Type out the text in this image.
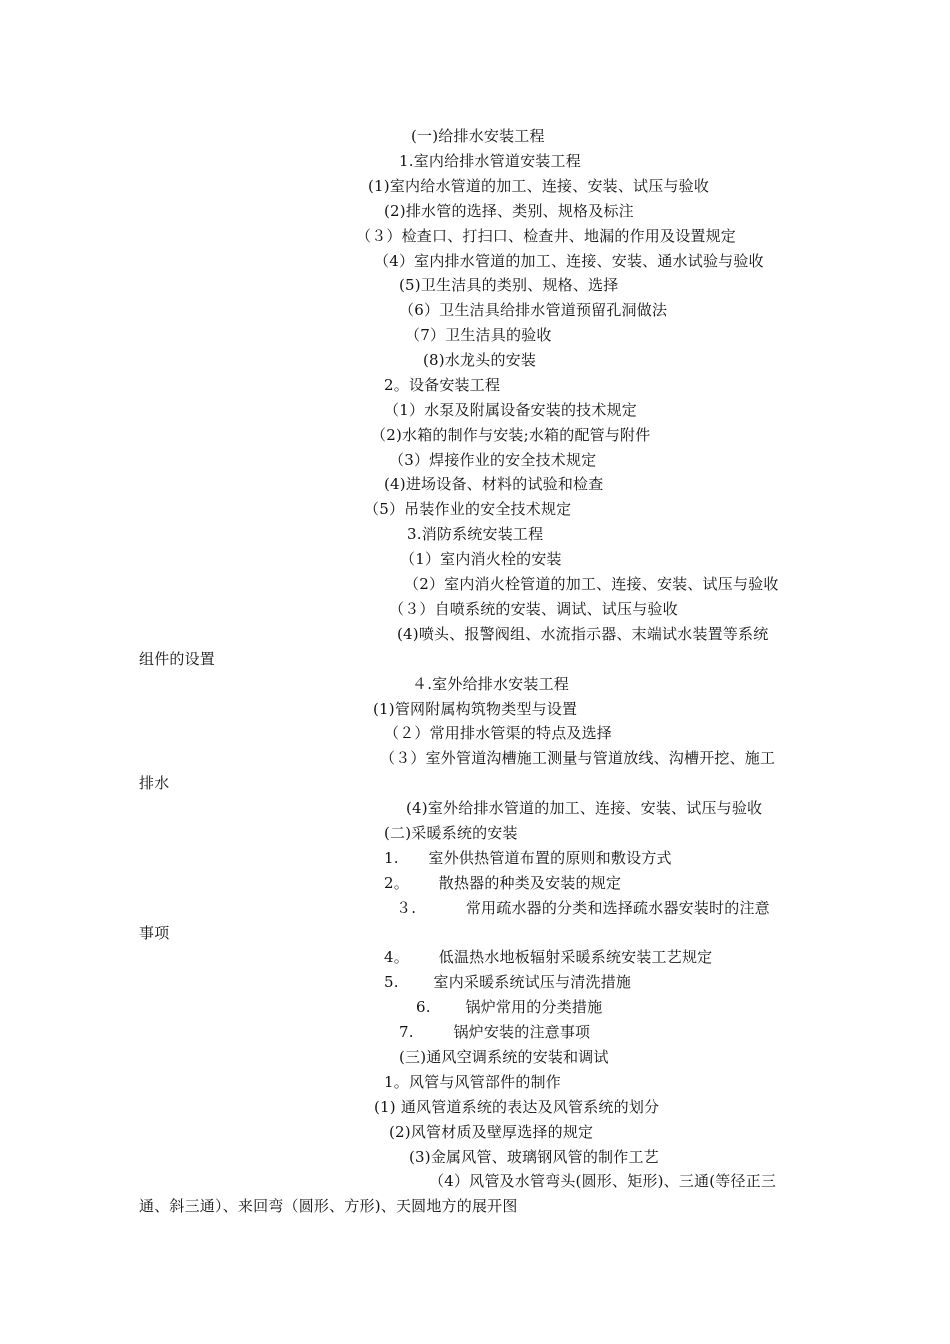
(一)给排水安装工程
1.室内给排水管道安装工程
(1)室内给水管道的加工、连接、安装、试压与验收
(2)排水管的选择、类别、规格及标注
（３）检查口、打扫口、检查井、地漏的作用及设置规定
（4）室内排水管道的加工、连接、安装、通水试验与验收
(5)卫生洁具的类别、规格、选择
（6）卫生洁具给排水管道预留孔洞做法
（7）卫生洁具的验收
(8)水龙头的安装
2。设备安装工程
（1）水泵及附属设备安装的技术规定
（2)水箱的制作与安装;水箱的配管与附件
（3）焊接作业的安全技术规定
(4)进场设备、材料的试验和检查
（5）吊装作业的安全技术规定
3.消防系统安装工程
（1）室内消火栓的安装
（2）室内消火栓管道的加工、连接、安装、试压与验收
（３）自喷系统的安装、调试、试压与验收
(4)喷头、报警阀组、水流指示器、末端试水装置等系统
组件的设置
４.室外给排水安装工程
(1)管网附属构筑物类型与设置
（２）常用排水管渠的特点及选择
（３）室外管道沟槽施工测量与管道放线、沟槽开挖、施工
排水
(4)室外给排水管道的加工、连接、安装、试压与验收
(二)采暖系统的安装
1.      室外供热管道布置的原则和敷设方式
2。      散热器的种类及安装的规定
３.          常用疏水器的分类和选择疏水器安装时的注意
事项
4。      低温热水地板辐射采暖系统安装工艺规定
5.       室内采暖系统试压与清洗措施
6.       锅炉常用的分类措施
7.        锅炉安装的注意事项
(三)通风空调系统的安装和调试
1。风管与风管部件的制作
(1) 通风管道系统的表达及风管系统的划分
(2)风管材质及壁厚选择的规定
(3)金属风管、玻璃钢风管的制作工艺
（4）风管及水管弯头(圆形、矩形)、三通(等径正三
通、斜三通）、来回弯（圆形、方形)、天圆地方的展开图
